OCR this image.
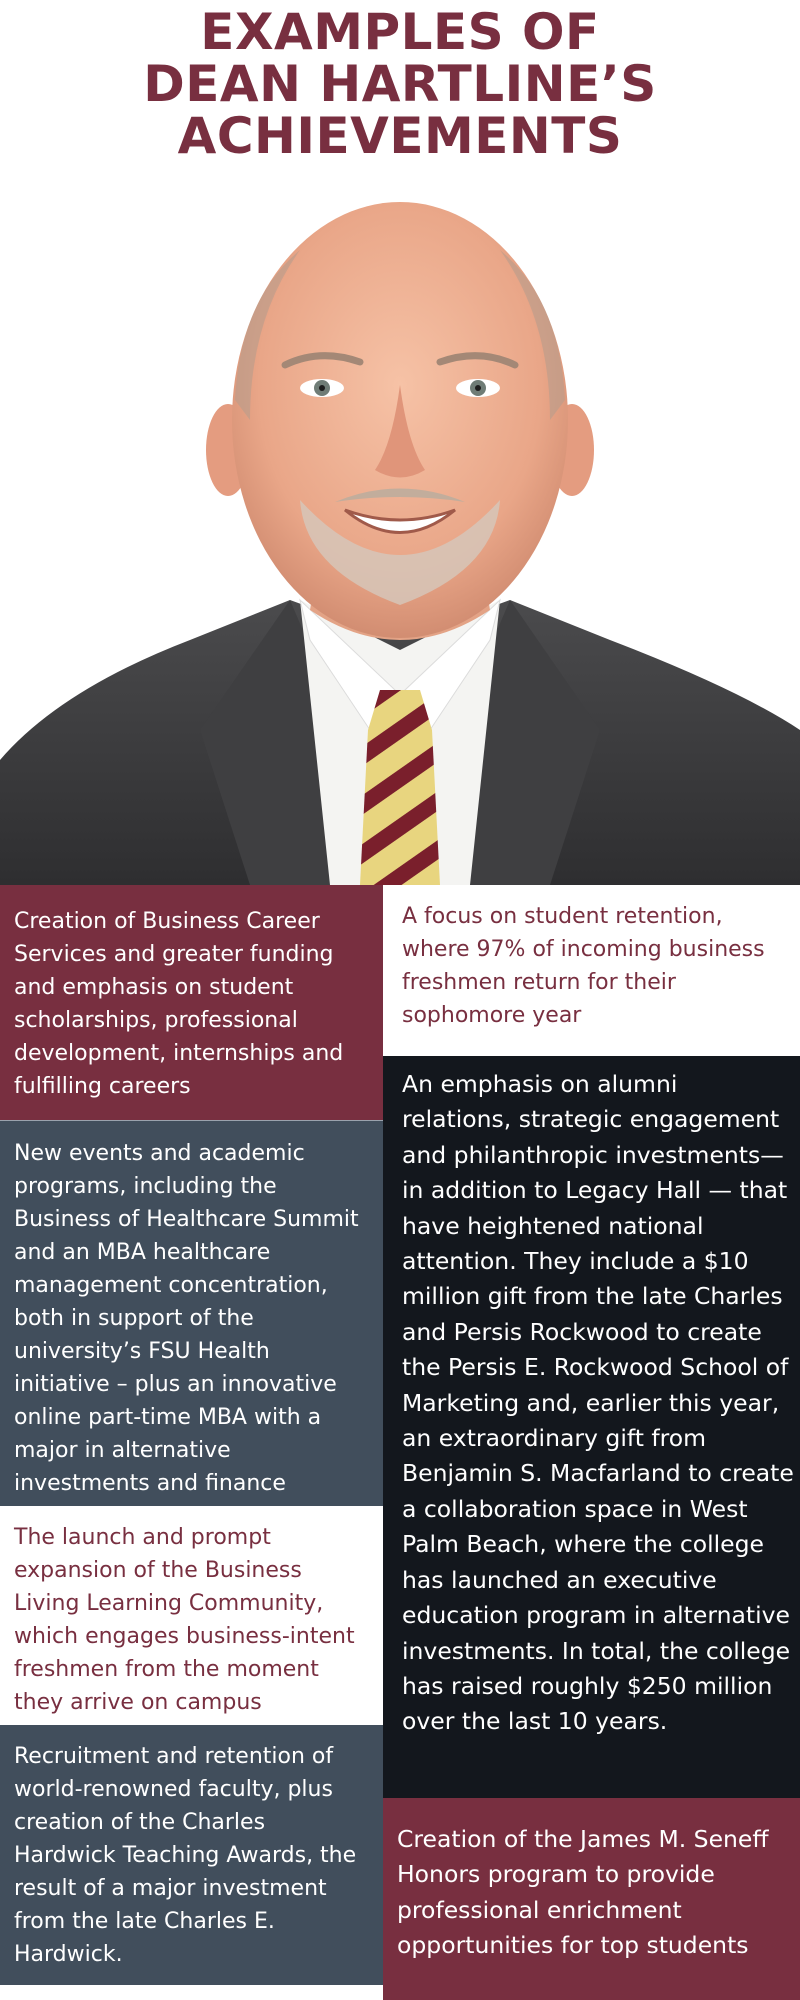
EXAMPLES OF
DEAN HARTLINE’S
ACHIEVEMENTS
Creation of Business Career Services and greater funding and emphasis on student scholarships, professional development, internships and fulfilling careers
New events and academic programs, including the Business of Healthcare Summit and an MBA healthcare management concentration, both in support of the university’s FSU Health initiative – plus an innovative online part-time MBA with a major in alternative investments and finance
The launch and prompt expansion of the Business Living Learning Community, which engages business-intent freshmen from the moment they arrive on campus
Recruitment and retention of world-renowned faculty, plus creation of the Charles Hardwick Teaching Awards, the result of a major investment from the late Charles E. Hardwick.
A focus on student retention, where 97% of incoming business freshmen return for their sophomore year
An emphasis on alumni relations, strategic engagement and philanthropic investments—in addition to Legacy Hall — that have heightened national attention. They include a $10 million gift from the late Charles and Persis Rockwood to create the Persis E. Rockwood School of Marketing and, earlier this year, an extraordinary gift from Benjamin S. Macfarland to create a collaboration space in West Palm Beach, where the college has launched an executive education program in alternative investments. In total, the college has raised roughly $250 million over the last 10 years.
Creation of the James M. Seneff Honors program to provide professional enrichment opportunities for top students
